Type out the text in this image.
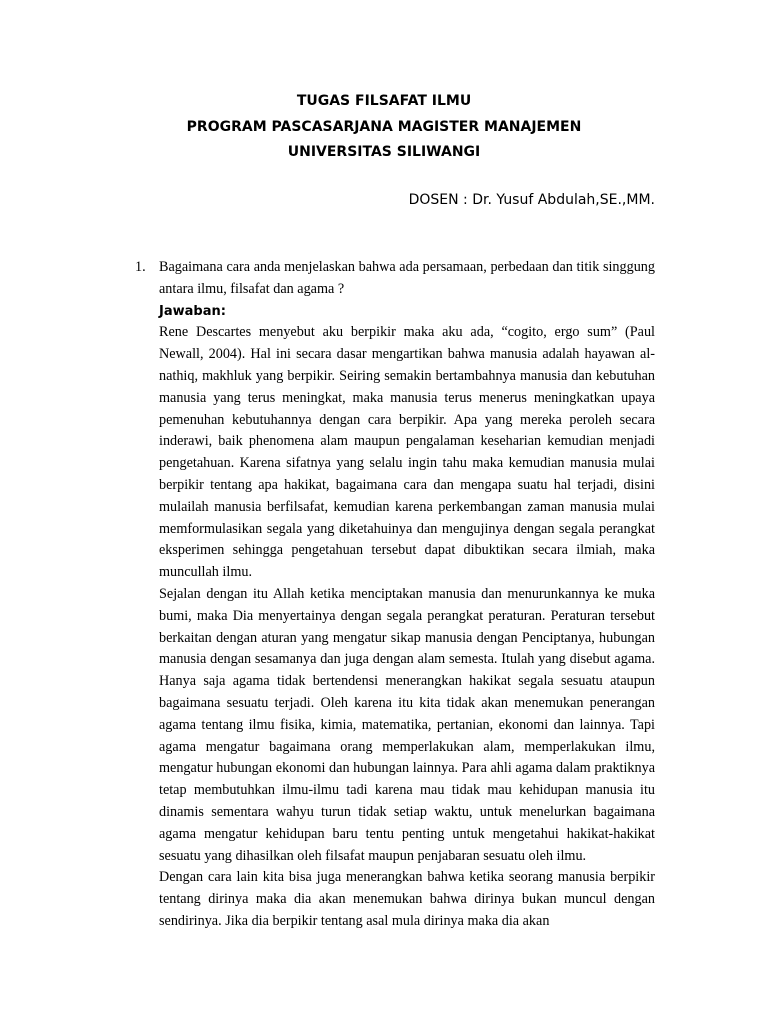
TUGAS FILSAFAT ILMU
PROGRAM PASCASARJANA MAGISTER MANAJEMEN
UNIVERSITAS SILIWANGI
DOSEN : Dr. Yusuf Abdulah,SE.,MM.
1. Bagaimana cara anda menjelaskan bahwa ada persamaan, perbedaan dan titik singgung antara ilmu, filsafat dan agama ?

Jawaban:

Rene Descartes menyebut aku berpikir maka aku ada, “cogito, ergo sum” (Paul Newall, 2004). Hal ini secara dasar mengartikan bahwa manusia adalah hayawan al-nathiq, makhluk yang berpikir. Seiring semakin bertambahnya manusia dan kebutuhan manusia yang terus meningkat, maka manusia terus menerus meningkatkan upaya pemenuhan kebutuhannya dengan cara berpikir. Apa yang mereka peroleh secara inderawi, baik phenomena alam maupun pengalaman keseharian kemudian menjadi pengetahuan. Karena sifatnya yang selalu ingin tahu maka kemudian manusia mulai berpikir tentang apa hakikat, bagaimana cara dan mengapa suatu hal terjadi, disini mulailah manusia berfilsafat, kemudian karena perkembangan zaman manusia mulai memformulasikan segala yang diketahuinya dan mengujinya dengan segala perangkat eksperimen sehingga pengetahuan tersebut dapat dibuktikan secara ilmiah, maka muncullah ilmu.

Sejalan dengan itu Allah ketika menciptakan manusia dan menurunkannya ke muka bumi, maka Dia menyertainya dengan segala perangkat peraturan. Peraturan tersebut berkaitan dengan aturan yang mengatur sikap manusia dengan Penciptanya, hubungan manusia dengan sesamanya dan juga dengan alam semesta. Itulah yang disebut agama. Hanya saja agama tidak bertendensi menerangkan hakikat segala sesuatu ataupun bagaimana sesuatu terjadi. Oleh karena itu kita tidak akan menemukan penerangan agama tentang ilmu fisika, kimia, matematika, pertanian, ekonomi dan lainnya. Tapi agama mengatur bagaimana orang memperlakukan alam, memperlakukan ilmu, mengatur hubungan ekonomi dan hubungan lainnya. Para ahli agama dalam praktiknya tetap membutuhkan ilmu-ilmu tadi karena mau tidak mau kehidupan manusia itu dinamis sementara wahyu turun tidak setiap waktu, untuk menelurkan bagaimana agama mengatur kehidupan baru tentu penting untuk mengetahui hakikat-hakikat sesuatu yang dihasilkan oleh filsafat maupun penjabaran sesuatu oleh ilmu.

Dengan cara lain kita bisa juga menerangkan bahwa ketika seorang manusia berpikir tentang dirinya maka dia akan menemukan bahwa dirinya bukan muncul dengan sendirinya. Jika dia berpikir tentang asal mula dirinya maka dia akan
